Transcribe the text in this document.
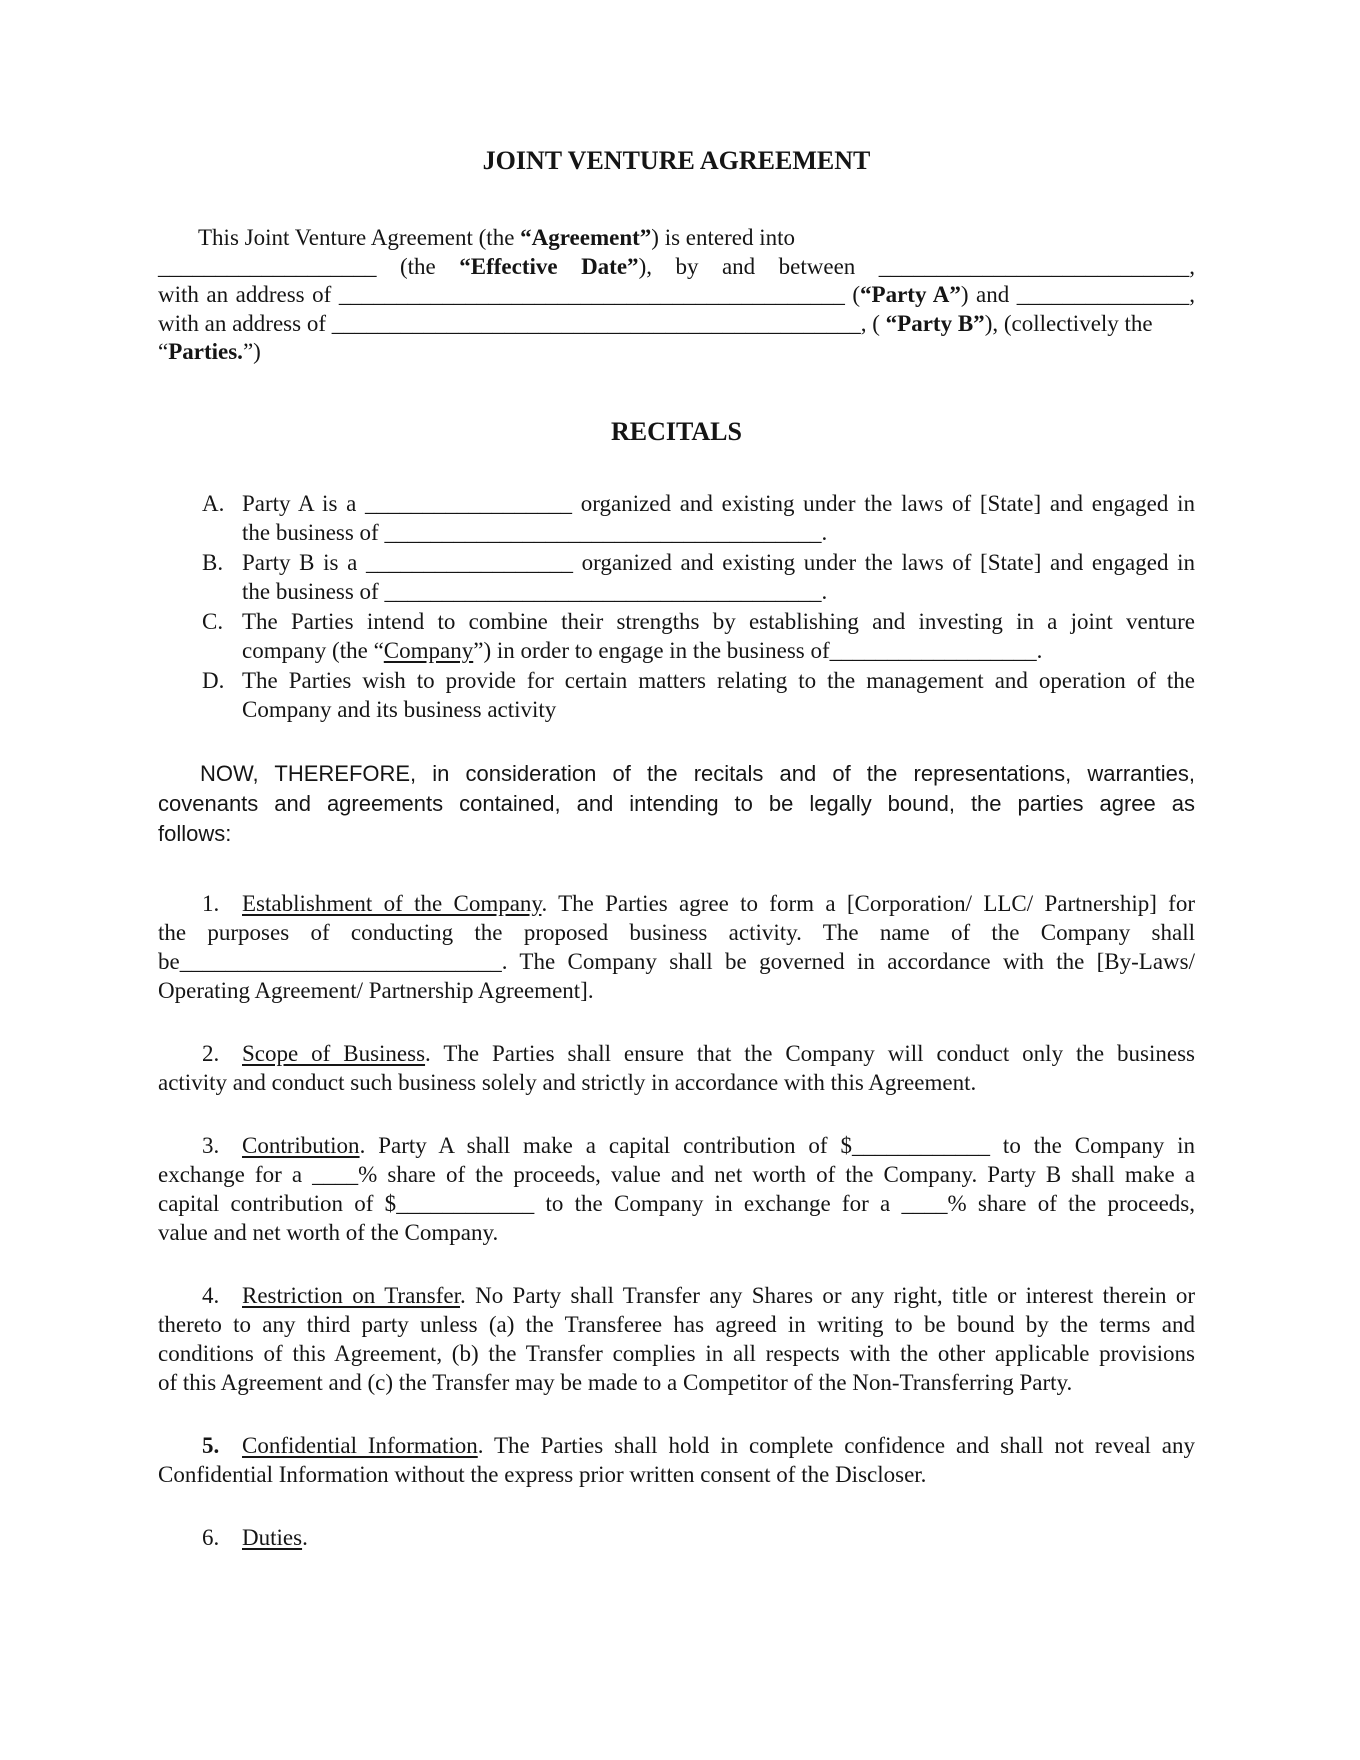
JOINT VENTURE AGREEMENT
This Joint Venture Agreement (the “Agreement”) is entered into
___________________ (the “Effective Date”), by and between ___________________________,
with an address of ____________________________________________ (“Party A”) and _______________,
with an address of ______________________________________________, ( “Party B”), (collectively the
“Parties.”)
RECITALS
A. Party A is a __________________ organized and existing under the laws of [State] and engaged in
the business of ______________________________________.
B. Party B is a __________________ organized and existing under the laws of [State] and engaged in
the business of ______________________________________.
C. The Parties intend to combine their strengths by establishing and investing in a joint venture
company (the “Company”) in order to engage in the business of__________________.
D. The Parties wish to provide for certain matters relating to the management and operation of the
Company and its business activity
NOW, THEREFORE, in consideration of the recitals and of the representations, warranties,
covenants and agreements contained, and intending to be legally bound, the parties agree as
follows:
1. Establishment of the Company. The Parties agree to form a [Corporation/ LLC/ Partnership] for
the purposes of conducting the proposed business activity. The name of the Company shall
be____________________________. The Company shall be governed in accordance with the [By-Laws/
Operating Agreement/ Partnership Agreement].
2. Scope of Business. The Parties shall ensure that the Company will conduct only the business
activity and conduct such business solely and strictly in accordance with this Agreement.
3. Contribution. Party A shall make a capital contribution of $____________ to the Company in
exchange for a ____% share of the proceeds, value and net worth of the Company. Party B shall make a
capital contribution of $____________ to the Company in exchange for a ____% share of the proceeds,
value and net worth of the Company.
4. Restriction on Transfer. No Party shall Transfer any Shares or any right, title or interest therein or
thereto to any third party unless (a) the Transferee has agreed in writing to be bound by the terms and
conditions of this Agreement, (b) the Transfer complies in all respects with the other applicable provisions
of this Agreement and (c) the Transfer may be made to a Competitor of the Non-Transferring Party.
5. Confidential Information. The Parties shall hold in complete confidence and shall not reveal any
Confidential Information without the express prior written consent of the Discloser.
6. Duties.
